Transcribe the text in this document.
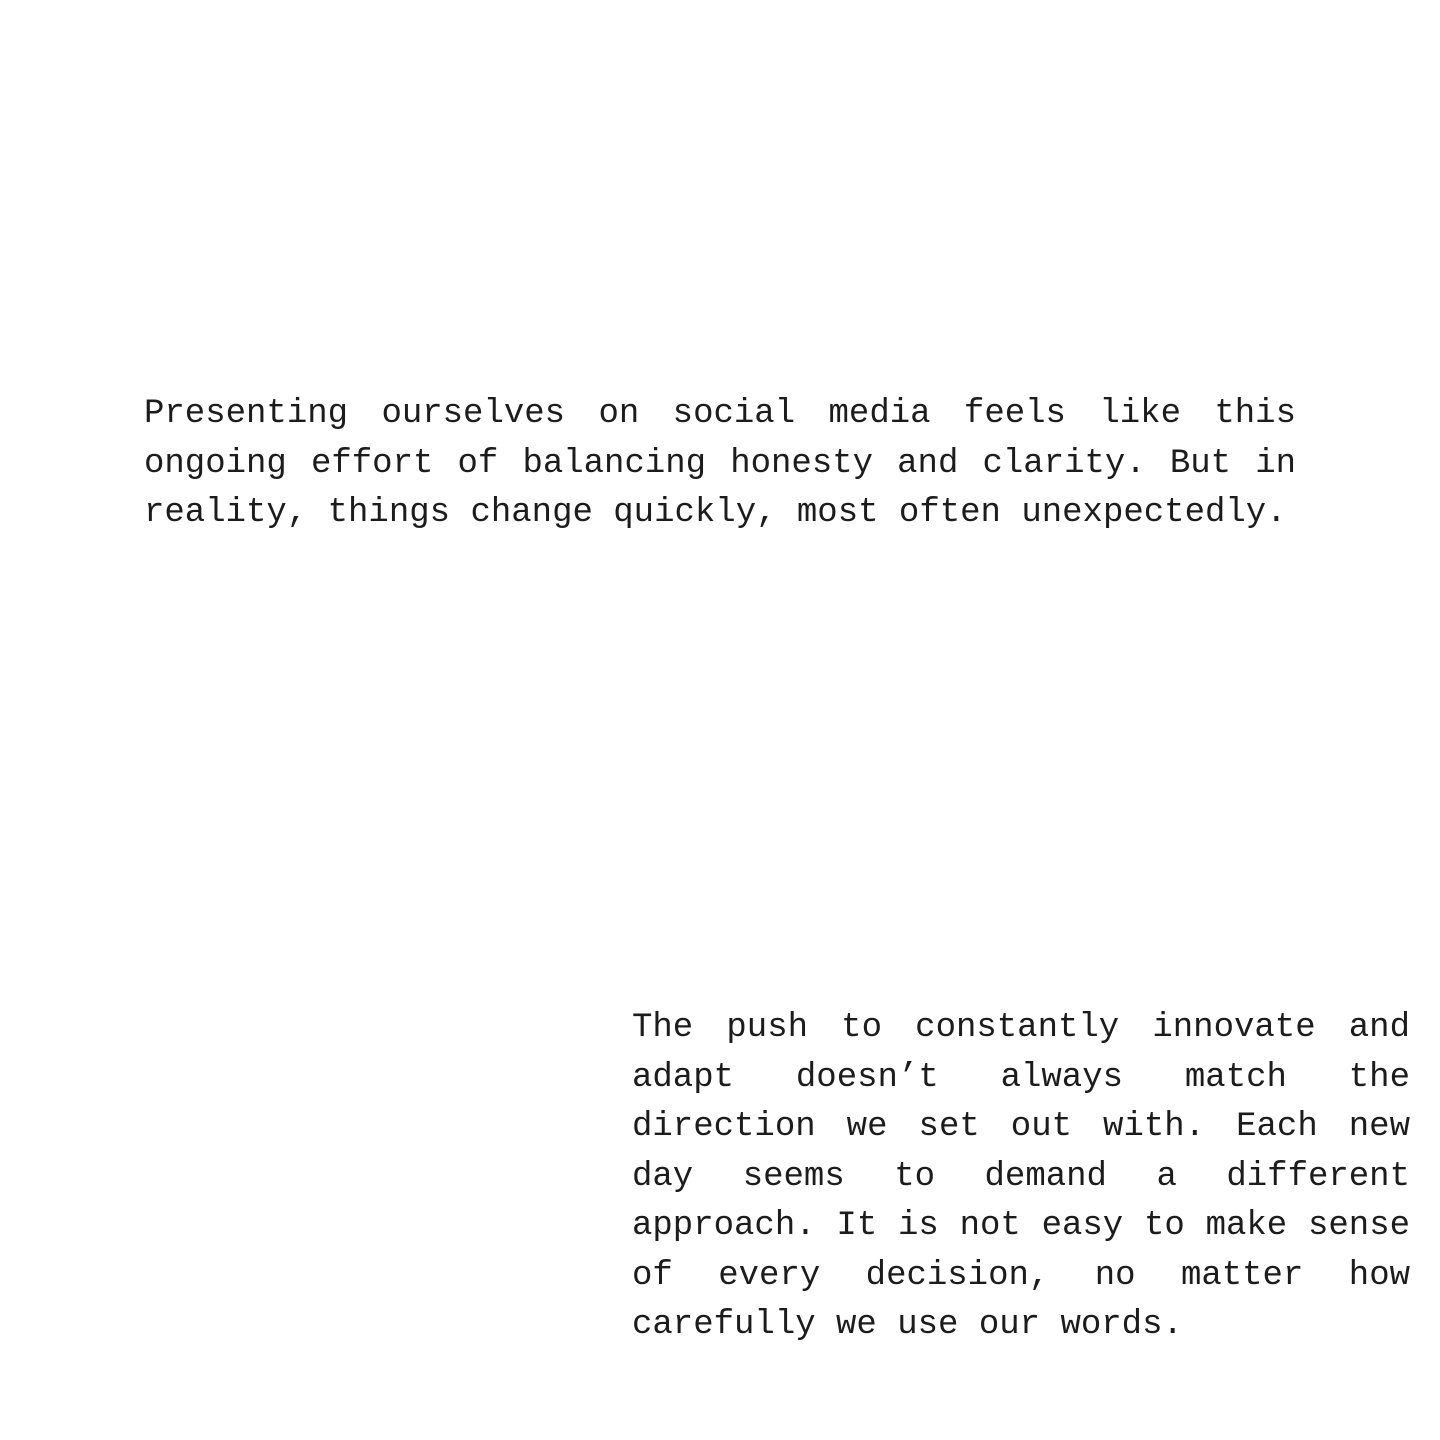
Presenting ourselves on social media feels like this ongoing effort of balancing honesty and clarity. But in reality, things change quickly, most often unexpectedly.

The push to constantly innovate and adapt doesn’t always match the direction we set out with. Each new day seems to demand a different approach. It is not easy to make sense of every decision, no matter how carefully we use our words.
